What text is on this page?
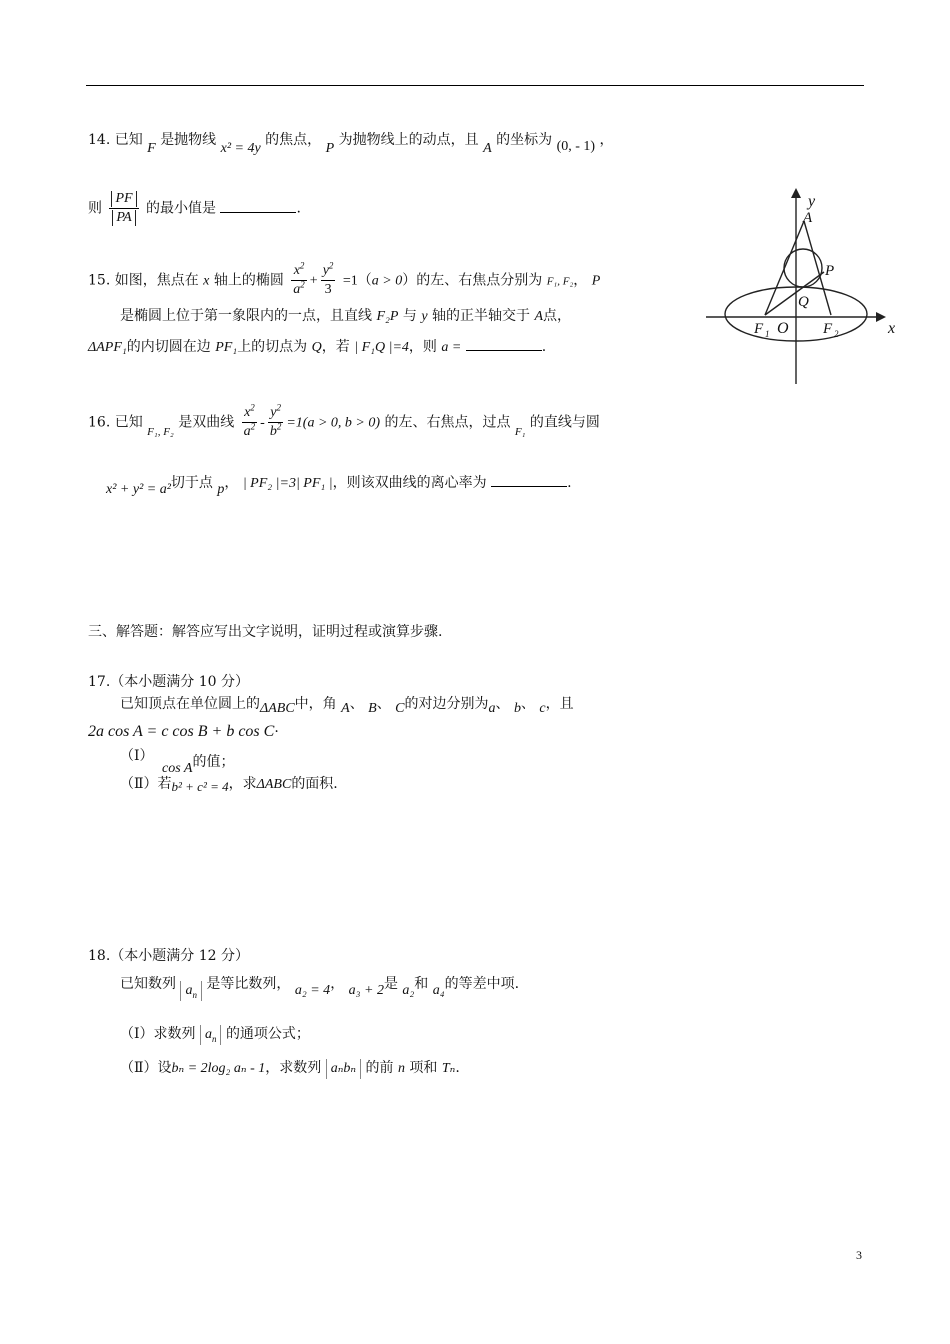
14. 已知 F 是抛物线 x² = 4y 的焦点， P 为抛物线上的动点，且 A 的坐标为 (0, - 1) ，
则 $\frac{PF}{PA}$ 的最小值是	.
15. 如图，焦点在 x 轴上的椭圆 $\frac{x^2}{a^2} + \frac{y^2}{3} =1(a > 0)$的左、右焦点分别为 F₁, F₂， P
是椭圆上位于第一象限内的一点，且直线 F₂P 与 y 轴的正半轴交于 A点，
ΔAPF₁的内切圆在边 PF₁上的切点为 Q，若 | F₁Q |=4，则 a =	.
y
A
P
Q
O
F 1	F 2	x
16. 已知 $_{F_1, F_2}$ 是双曲线 $\frac{x^2}{a^2} - \frac{y^2}{b^2} =1(a > 0$, b > 0) 的左、右焦点，过点 $_{F_1}$ 的直线与圆
x² + y² = a²切于点 p， | PF₂ |=3| PF₁ |，则该双曲线的离心率为	.
三、解答题：解答应写出文字说明，证明过程或演算步骤.
17.（本小题满分 10 分）
已知顶点在单位圆上的ΔABC中，角 A、 B、 C的对边分别为a、 b、 c，且
2a cos A = c cos B + b cos C·
（Ⅰ）

cos A的值；
（Ⅱ）若b² + c² = 4，求ΔABC的面积.
18.（本小题满分 12 分）
已知数列 $a_n$ 是等比数列， a₂ = 4， a₃ + 2是 a₂和 a₄的等差中项.
（Ⅰ）求数列 $a_n$ 的通项公式；
（Ⅱ）设bₙ = 2log₂ aₙ - 1，求数列 aₙbₙ 的前 n 项和 Tₙ.
3
